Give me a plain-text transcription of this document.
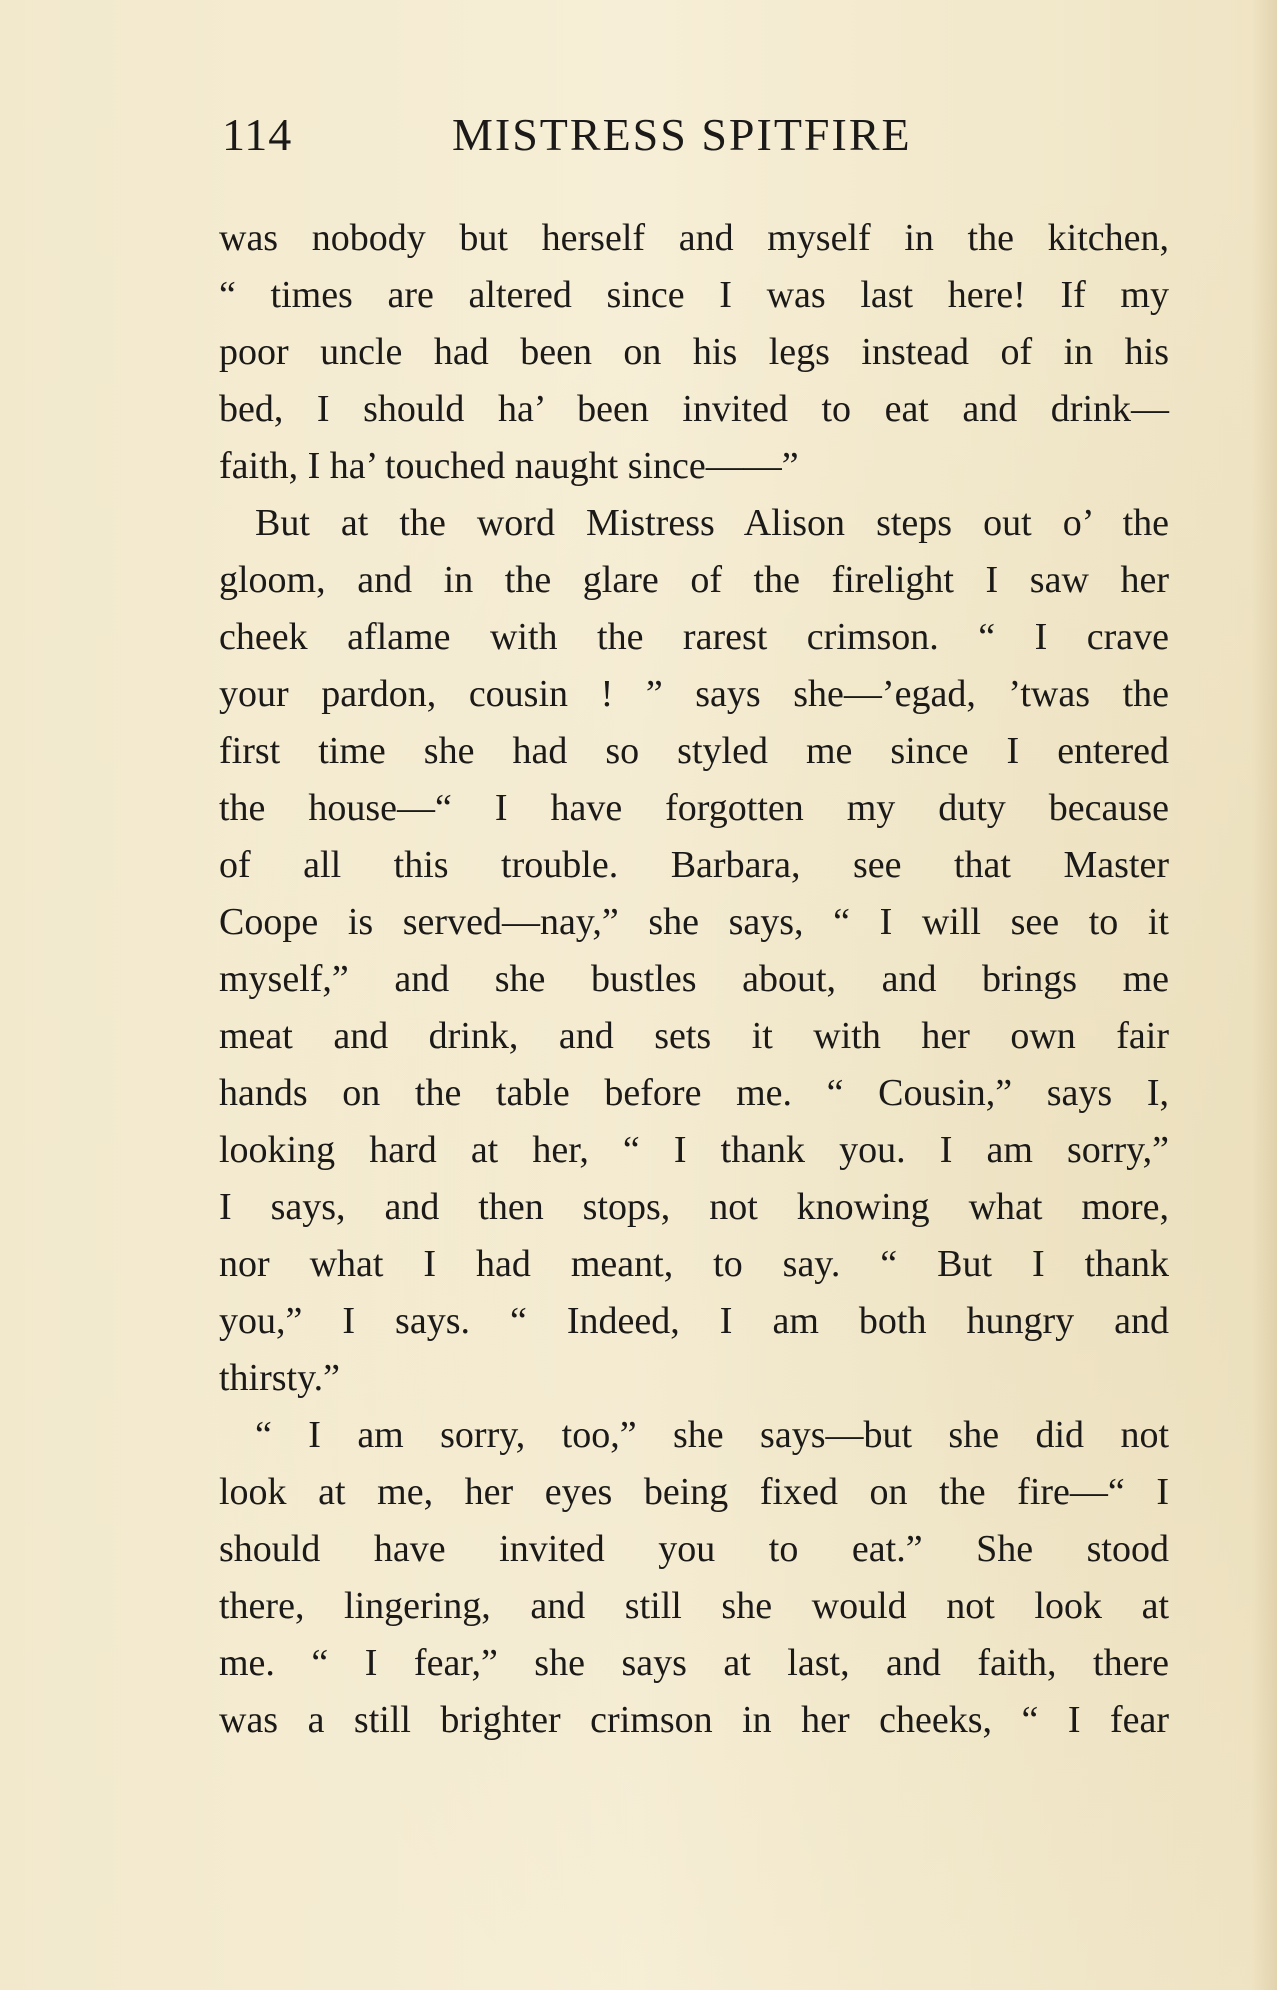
114	MISTRESS SPITFIRE
was nobody but herself and myself in the kitchen,
“ times are altered since I was last here! If my
poor uncle had been on his legs instead of in his
bed, I should ha’ been invited to eat and drink—
faith, I ha’ touched naught since——”
But at the word Mistress Alison steps out o’ the
gloom, and in the glare of the firelight I saw her
cheek aflame with the rarest crimson. “ I crave
your pardon, cousin ! ” says she—’egad, ’twas the
first time she had so styled me since I entered
the house—“ I have forgotten my duty because
of all this trouble. Barbara, see that Master
Coope is served—nay,” she says, “ I will see to it
myself,” and she bustles about, and brings me
meat and drink, and sets it with her own fair
hands on the table before me. “ Cousin,” says I,
looking hard at her, “ I thank you. I am sorry,”
I says, and then stops, not knowing what more,
nor what I had meant, to say. “ But I thank
you,” I says. “ Indeed, I am both hungry and
thirsty.”
“ I am sorry, too,” she says—but she did not
look at me, her eyes being fixed on the fire—“ I
should have invited you to eat.” She stood
there, lingering, and still she would not look at
me. “ I fear,” she says at last, and faith, there
was a still brighter crimson in her cheeks, “ I fear
